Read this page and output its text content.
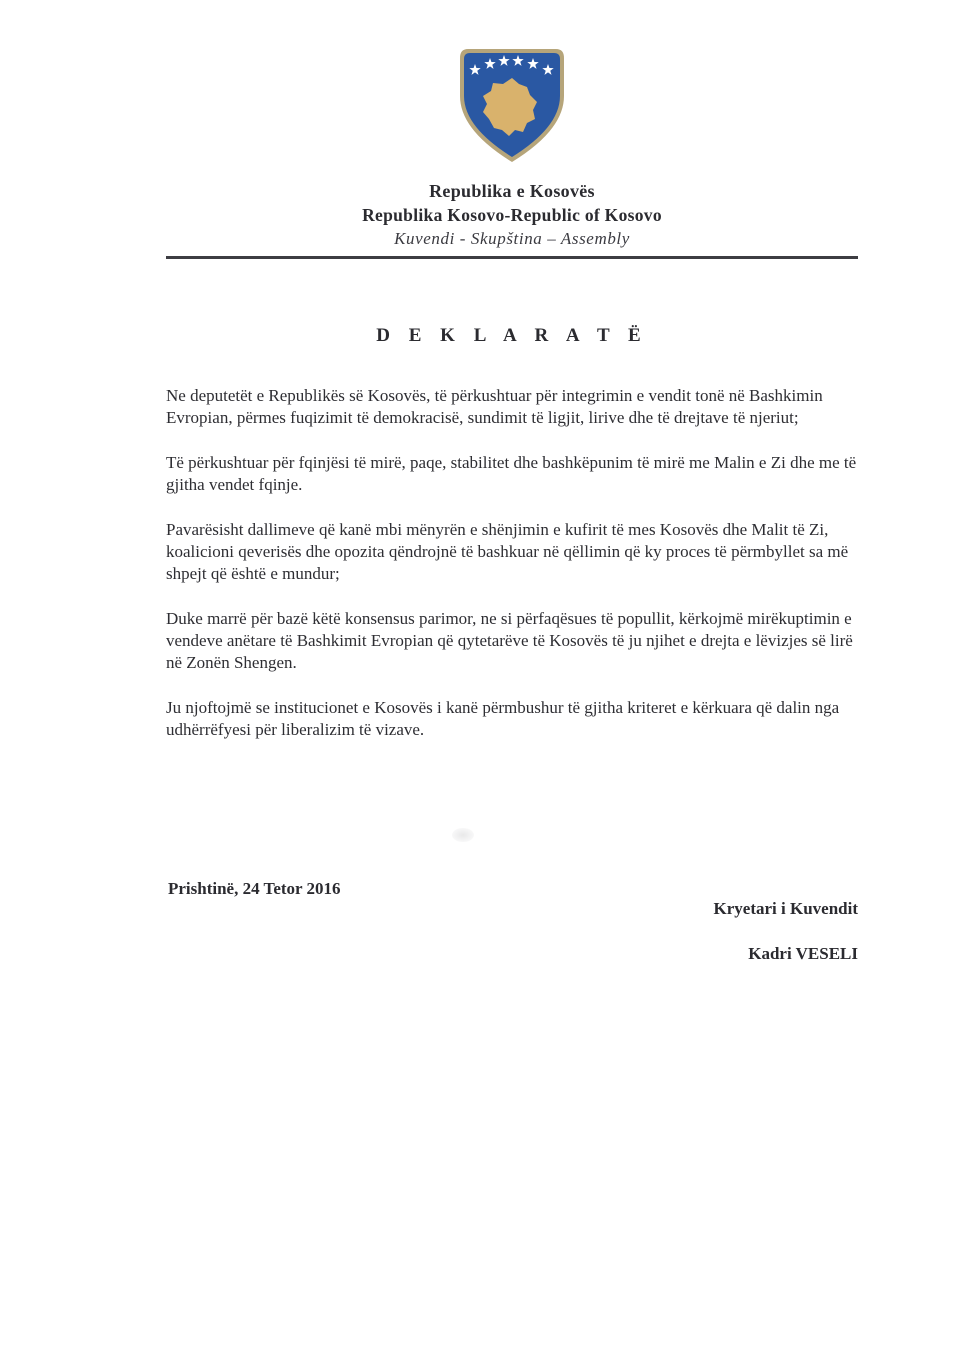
Republika e Kosovës
Republika Kosovo-Republic of Kosovo
Kuvendi - Skupština – Assembly
D E K L A R A T Ë

Ne deputetët e Republikës së Kosovës, të përkushtuar për integrimin e vendit tonë në Bashkimin Evropian, përmes fuqizimit të demokracisë, sundimit të ligjit, lirive dhe të drejtave të njeriut;

Të përkushtuar për fqinjësi të mirë, paqe, stabilitet dhe bashkëpunim të mirë me Malin e Zi dhe me të gjitha vendet fqinje.

Pavarësisht dallimeve që kanë mbi mënyrën e shënjimin e kufirit të mes Kosovës dhe Malit të Zi, koalicioni qeverisës dhe opozita qëndrojnë të bashkuar në qëllimin që ky proces të përmbyllet sa më shpejt që është e mundur;

Duke marrë për bazë këtë konsensus parimor, ne si përfaqësues të popullit, kërkojmë mirëkuptimin e vendeve anëtare të Bashkimit Evropian që qytetarëve të Kosovës të ju njihet e drejta e lëvizjes së lirë në Zonën Shengen.

Ju njoftojmë se institucionet e Kosovës i kanë përmbushur të gjitha kriteret e kërkuara që dalin nga udhërrëfyesi për liberalizim të vizave.

Prishtinë, 24 Tetor 2016
Kryetari i Kuvendit
Kadri VESELI
